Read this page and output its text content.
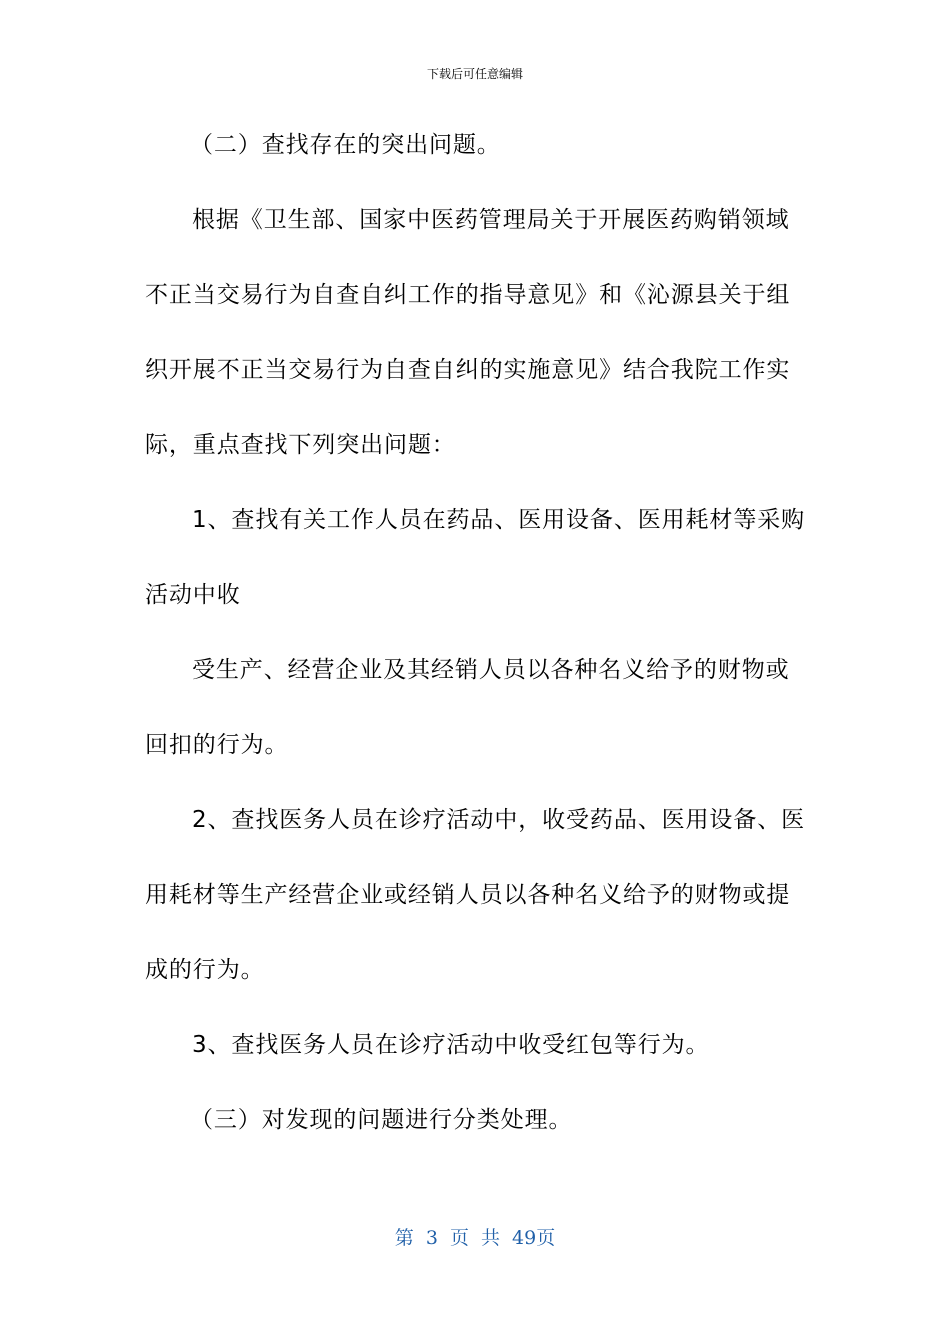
下载后可任意编辑
（二）查找存在的突出问题。
根据《卫生部、国家中医药管理局关于开展医药购销领域
不正当交易行为自查自纠工作的指导意见》和《沁源县关于组
织开展不正当交易行为自查自纠的实施意见》结合我院工作实
际，重点查找下列突出问题：
1、查找有关工作人员在药品、医用设备、医用耗材等采购
活动中收
受生产、经营企业及其经销人员以各种名义给予的财物或
回扣的行为。
2、查找医务人员在诊疗活动中，收受药品、医用设备、医
用耗材等生产经营企业或经销人员以各种名义给予的财物或提
成的行为。
3、查找医务人员在诊疗活动中收受红包等行为。
（三）对发现的问题进行分类处理。
第 3 页 共 49页
